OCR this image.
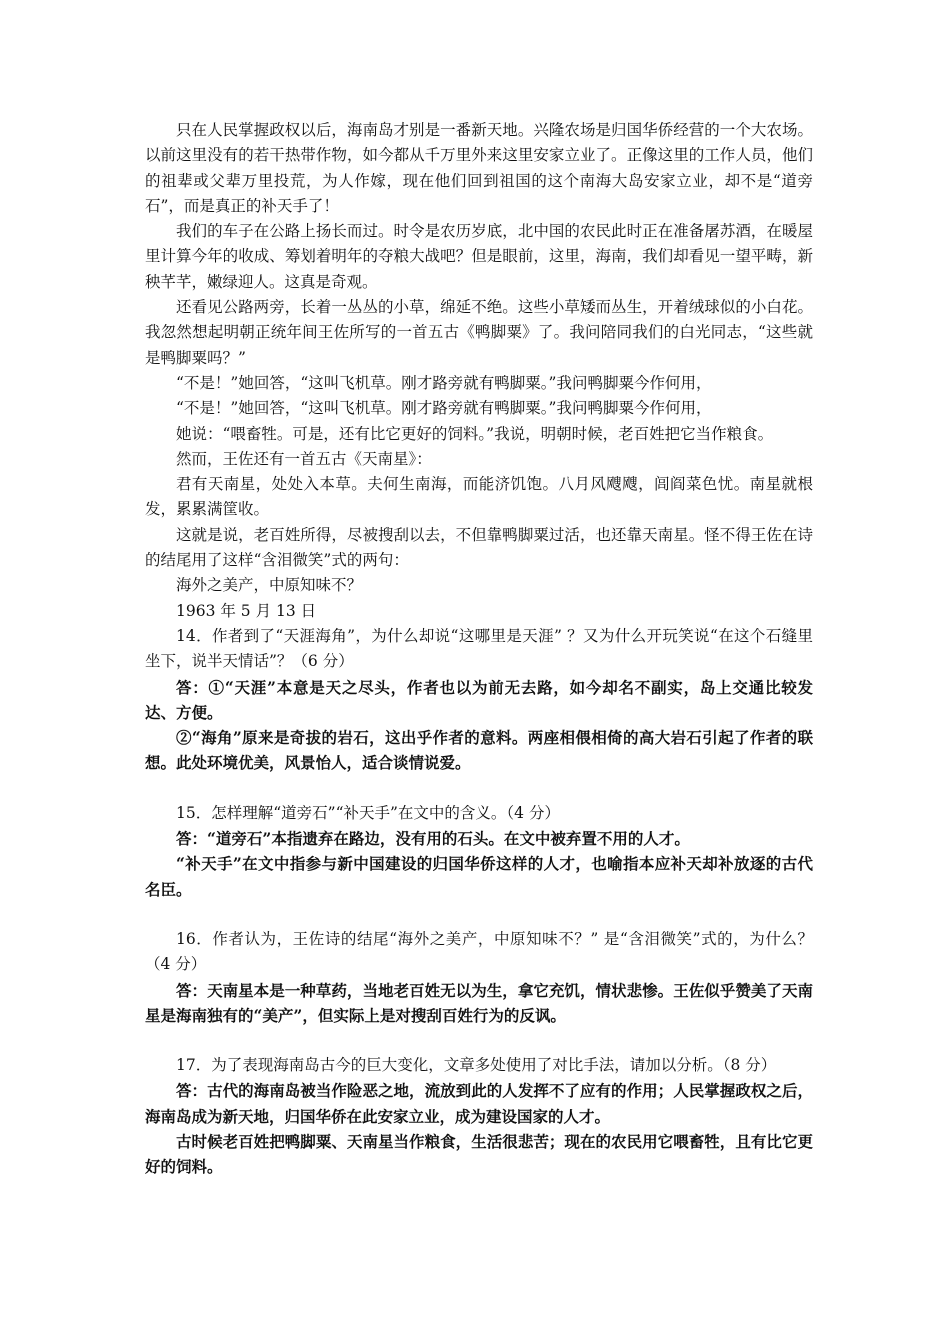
只在人民掌握政权以后，海南岛才别是一番新天地。兴隆农场是归国华侨经营的一个大农场。以前这里没有的若干热带作物，如今都从千万里外来这里安家立业了。正像这里的工作人员，他们的祖辈或父辈万里投荒，为人作嫁，现在他们回到祖国的这个南海大岛安家立业，却不是“道旁石”，而是真正的补天手了！

我们的车子在公路上扬长而过。时令是农历岁底，北中国的农民此时正在准备屠苏酒，在暖屋里计算今年的收成、筹划着明年的夺粮大战吧？但是眼前，这里，海南，我们却看见一望平畴，新秧芊芊，嫩绿迎人。这真是奇观。

还看见公路两旁，长着一丛丛的小草，绵延不绝。这些小草矮而丛生，开着绒球似的小白花。我忽然想起明朝正统年间王佐所写的一首五古《鸭脚粟》了。我问陪同我们的白光同志，“这些就是鸭脚粟吗？”

“不是！”她回答，“这叫飞机草。刚才路旁就有鸭脚粟。”我问鸭脚粟今作何用，

“不是！”她回答，“这叫飞机草。刚才路旁就有鸭脚粟。”我问鸭脚粟今作何用，

她说：“喂畜牲。可是，还有比它更好的饲料。”我说，明朝时候，老百姓把它当作粮食。

然而，王佐还有一首五古《天南星》：

君有天南星，处处入本草。夫何生南海，而能济饥饱。八月风飕飕，闾阎菜色忧。南星就根发，累累满筐收。

这就是说，老百姓所得，尽被搜刮以去，不但靠鸭脚粟过活，也还靠天南星。怪不得王佐在诗的结尾用了这样“含泪微笑”式的两句：

海外之美产，中原知味不？

1963 年 5 月 13 日

14．作者到了“天涯海角”，为什么却说“这哪里是天涯” ？又为什么开玩笑说“在这个石缝里坐下，说半天情话”？（6 分）

答：①“天涯”本意是天之尽头，作者也以为前无去路，如今却名不副实，岛上交通比较发达、方便。

②“海角”原来是奇拔的岩石，这出乎作者的意料。两座相偎相倚的高大岩石引起了作者的联想。此处环境优美，风景怡人，适合谈情说爱。

15．怎样理解“道旁石”“补天手”在文中的含义。（4 分）

答：“道旁石”本指遗弃在路边，没有用的石头。在文中被弃置不用的人才。

“补天手”在文中指参与新中国建设的归国华侨这样的人才，也喻指本应补天却补放逐的古代名臣。

16．作者认为，王佐诗的结尾“海外之美产，中原知味不？” 是“含泪微笑”式的，为什么？（4 分）

答：天南星本是一种草药，当地老百姓无以为生，拿它充饥，情状悲惨。王佐似乎赞美了天南星是海南独有的“美产”，但实际上是对搜刮百姓行为的反讽。

17．为了表现海南岛古今的巨大变化，文章多处使用了对比手法，请加以分析。（8 分）

答：古代的海南岛被当作险恶之地，流放到此的人发挥不了应有的作用；人民掌握政权之后，海南岛成为新天地，归国华侨在此安家立业，成为建设国家的人才。

古时候老百姓把鸭脚粟、天南星当作粮食，生活很悲苦；现在的农民用它喂畜牲，且有比它更好的饲料。
